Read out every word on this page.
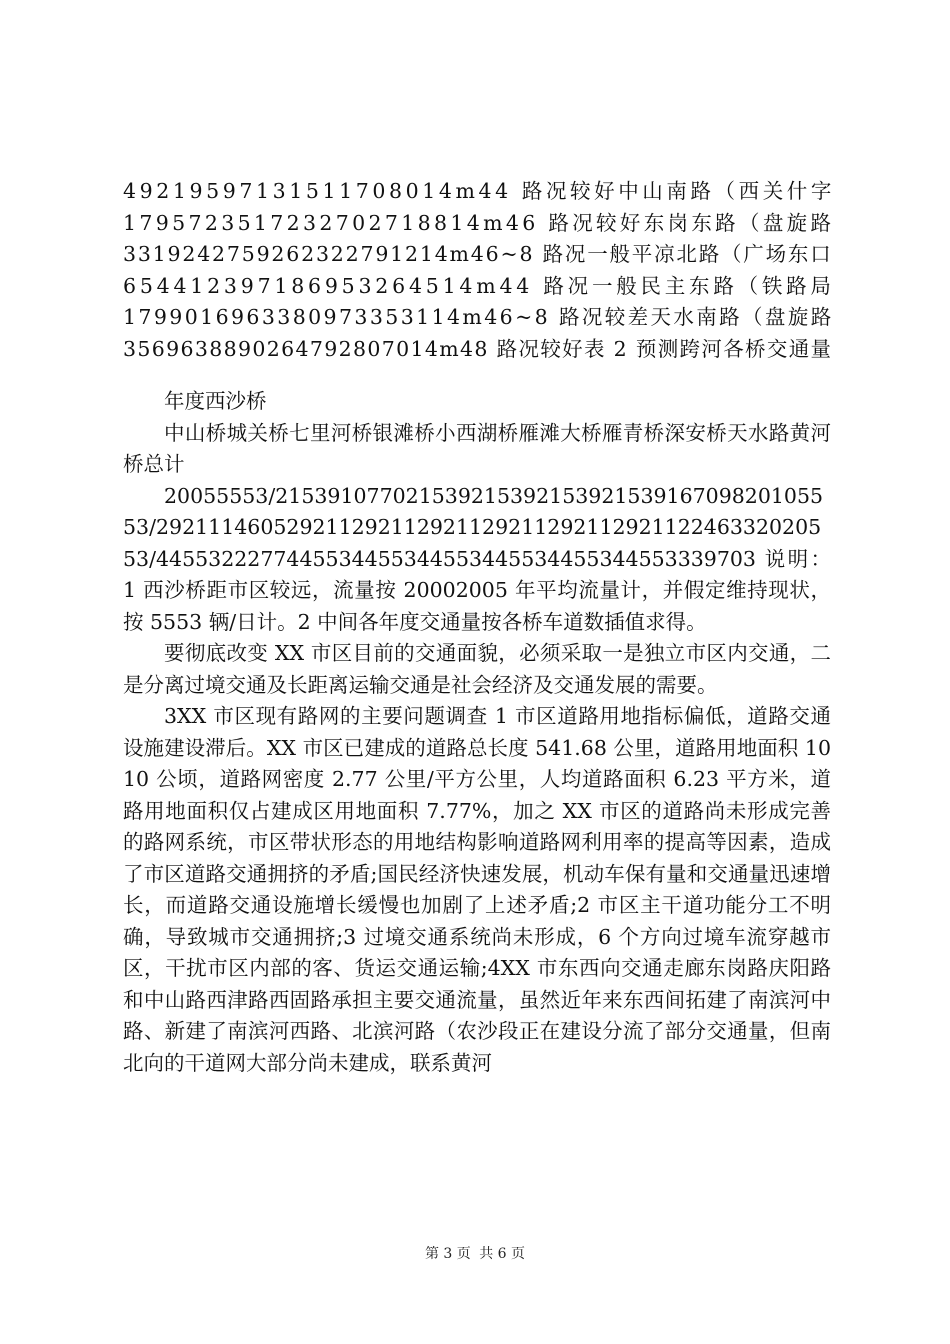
49219597131511708014m44 路况较好中山南路（西关什字
1795723517232702718814m46 路况较好东岗东路（盘旋路
3319242759262322791214m46~8 路况一般平凉北路（广场东口
654412397186953264514m44 路况一般民主东路（铁路局
1799016963380973353114m46~8 路况较差天水南路（盘旋路
3569638890264792807014m48 路况较好表 2 预测跨河各桥交通量

年度西沙桥

中山桥城关桥七里河桥银滩桥小西湖桥雁滩大桥雁青桥深安桥天水路黄河桥总计

20055553/21539107702153921539215392153916709820105553/29211146052921129211292112921129211292112246332020553/4455322277445534455344553445534455344553339703 说明：1 西沙桥距市区较远，流量按 20002005 年平均流量计，并假定维持现状，按 5553 辆/日计。2 中间各年度交通量按各桥车道数插值求得。

要彻底改变 XX 市区目前的交通面貌，必须采取一是独立市区内交通，二是分离过境交通及长距离运输交通是社会经济及交通发展的需要。

3XX 市区现有路网的主要问题调查 1 市区道路用地指标偏低，道路交通设施建设滞后。XX 市区已建成的道路总长度 541.68 公里，道路用地面积 1010 公顷，道路网密度 2.77 公里/平方公里，人均道路面积 6.23 平方米，道路用地面积仅占建成区用地面积 7.77%，加之 XX 市区的道路尚未形成完善的路网系统，市区带状形态的用地结构影响道路网利用率的提高等因素，造成了市区道路交通拥挤的矛盾;国民经济快速发展，机动车保有量和交通量迅速增长，而道路交通设施增长缓慢也加剧了上述矛盾;2 市区主干道功能分工不明确，导致城市交通拥挤;3 过境交通系统尚未形成，6 个方向过境车流穿越市区，干扰市区内部的客、货运交通运输;4XX 市东西向交通走廊东岗路庆阳路和中山路西津路西固路承担主要交通流量，虽然近年来东西间拓建了南滨河中路、新建了南滨河西路、北滨河路（农沙段正在建设分流了部分交通量，但南北向的干道网大部分尚未建成，联系黄河

第 3 页 共 6 页
